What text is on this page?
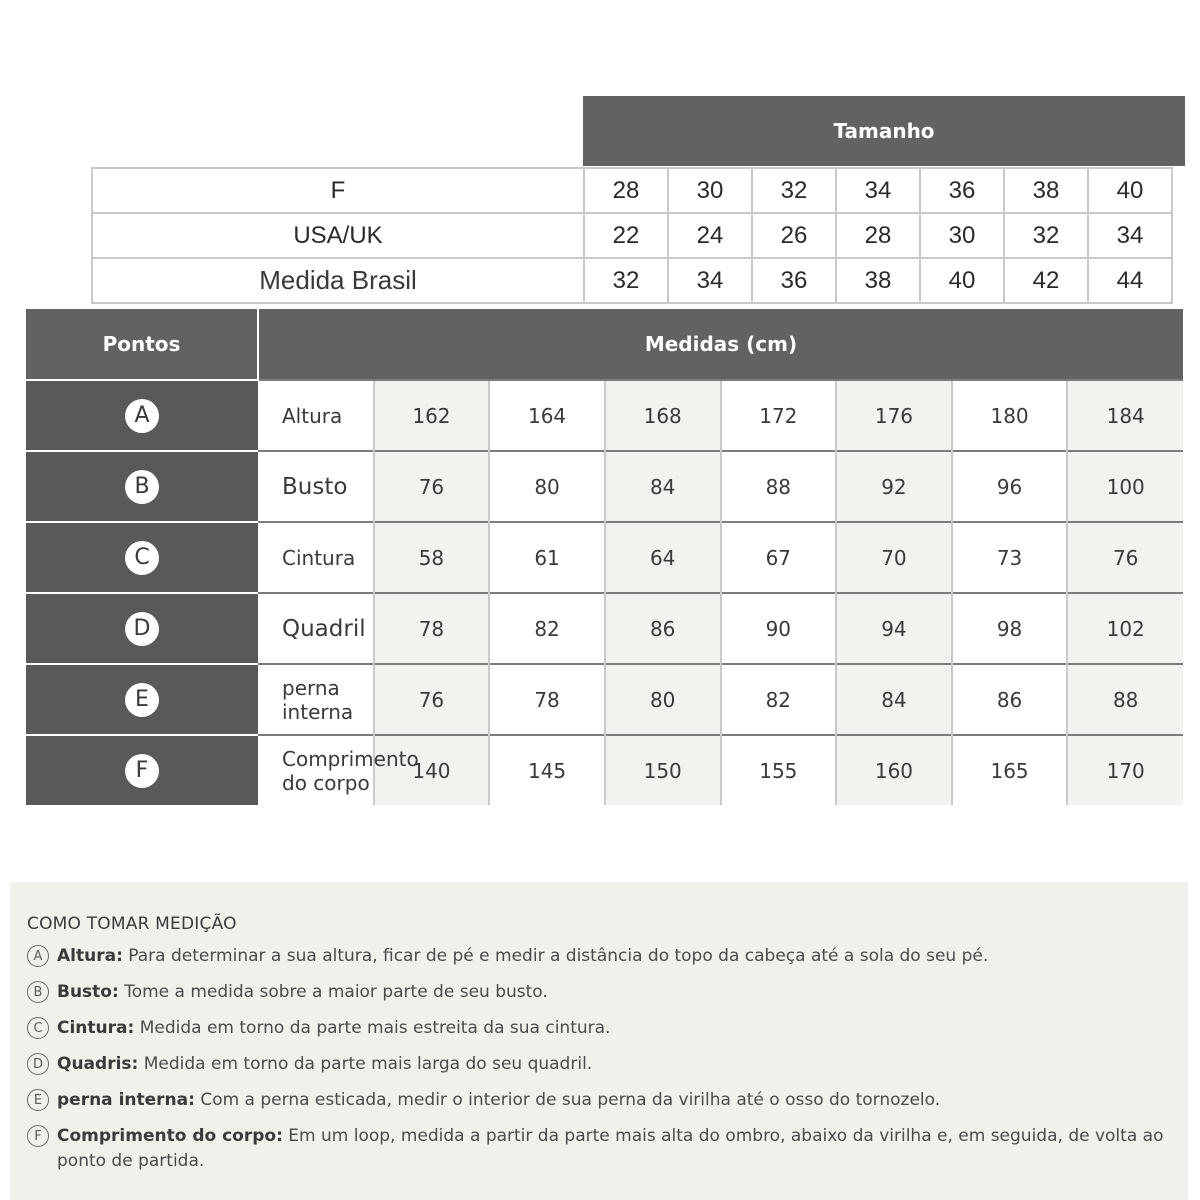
Tamanho
F	28	30	32	34	36	38	40
USA/UK	22	24	26	28	30	32	34
Medida Brasil	32	34	36	38	40	42	44
Pontos	Medidas (cm)							
A	Altura	162	164	168	172	176	180	184
B	Busto	76	80	84	88	92	96	100
C	Cintura	58	61	64	67	70	73	76
D	Quadril	78	82	86	90	94	98	102
E	perna interna	76	78	80	82	84	86	88
F	Comprimento do corpo	140	145	150	155	160	165	170
COMO TOMAR MEDIÇÃO
A Altura: Para determinar a sua altura, ficar de pé e medir a distância do topo da cabeça até a sola do seu pé.
B Busto: Tome a medida sobre a maior parte de seu busto.
C Cintura: Medida em torno da parte mais estreita da sua cintura.
D Quadris: Medida em torno da parte mais larga do seu quadril.
E perna interna: Com a perna esticada, medir o interior de sua perna da virilha até o osso do tornozelo.
F Comprimento do corpo: Em um loop, medida a partir da parte mais alta do ombro, abaixo da virilha e, em seguida, de volta ao ponto de partida.
